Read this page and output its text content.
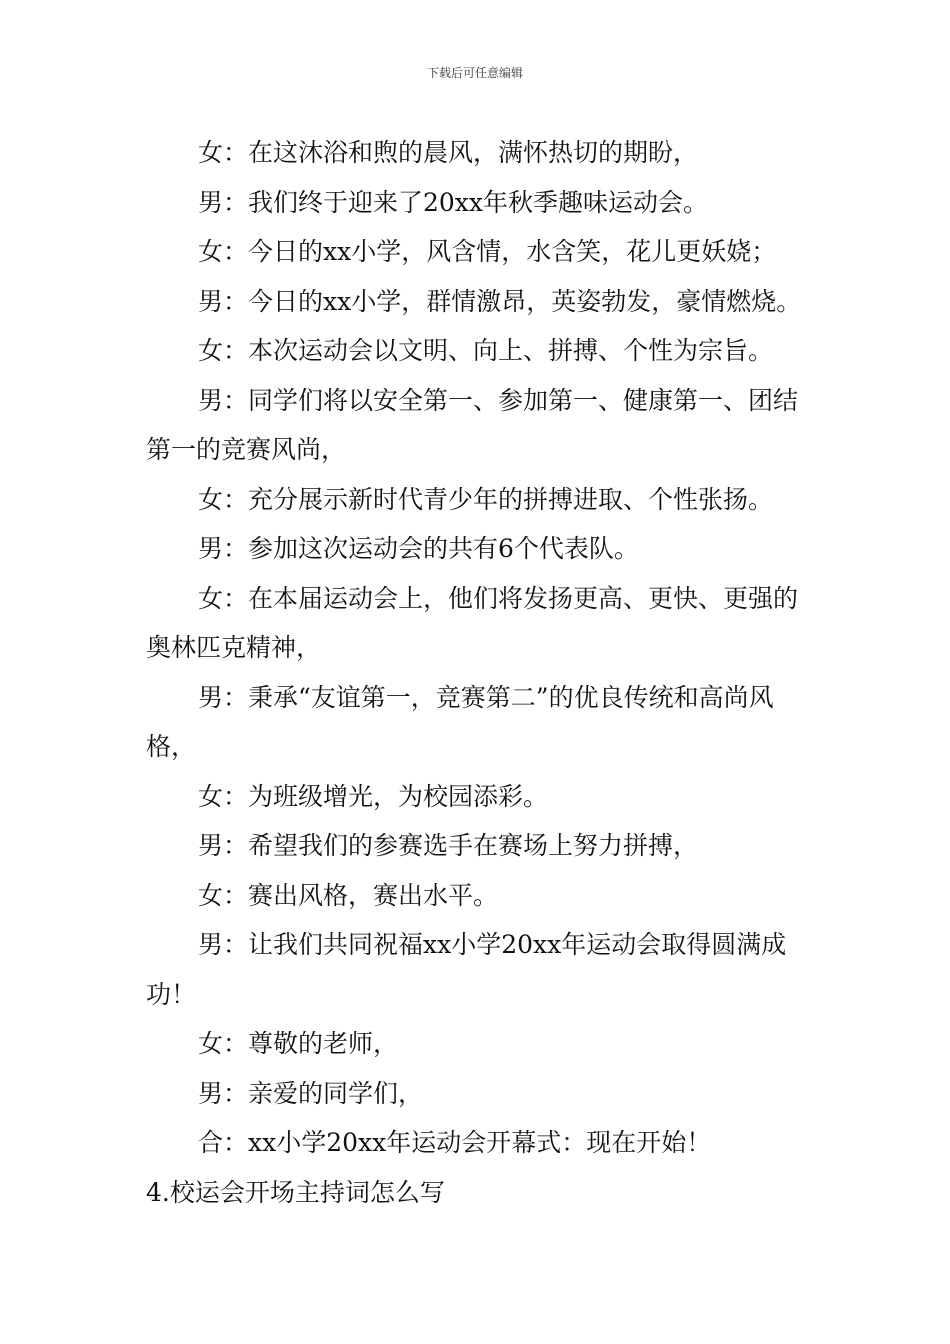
下载后可任意编辑

女：在这沐浴和煦的晨风，满怀热切的期盼，

男：我们终于迎来了20xx年秋季趣味运动会。

女：今日的xx小学，风含情，水含笑，花儿更妖娆；

男：今日的xx小学，群情激昂，英姿勃发，豪情燃烧。

女：本次运动会以文明、向上、拼搏、个性为宗旨。

男：同学们将以安全第一、参加第一、健康第一、团结第一的竞赛风尚，

女：充分展示新时代青少年的拼搏进取、个性张扬。

男：参加这次运动会的共有6个代表队。

女：在本届运动会上，他们将发扬更高、更快、更强的奥林匹克精神，

男：秉承“友谊第一，竞赛第二”的优良传统和高尚风格，

女：为班级增光，为校园添彩。

男：希望我们的参赛选手在赛场上努力拼搏，

女：赛出风格，赛出水平。

男：让我们共同祝福xx小学20xx年运动会取得圆满成功！

女：尊敬的老师，

男：亲爱的同学们，

合：xx小学20xx年运动会开幕式：现在开始！

4.校运会开场主持词怎么写
